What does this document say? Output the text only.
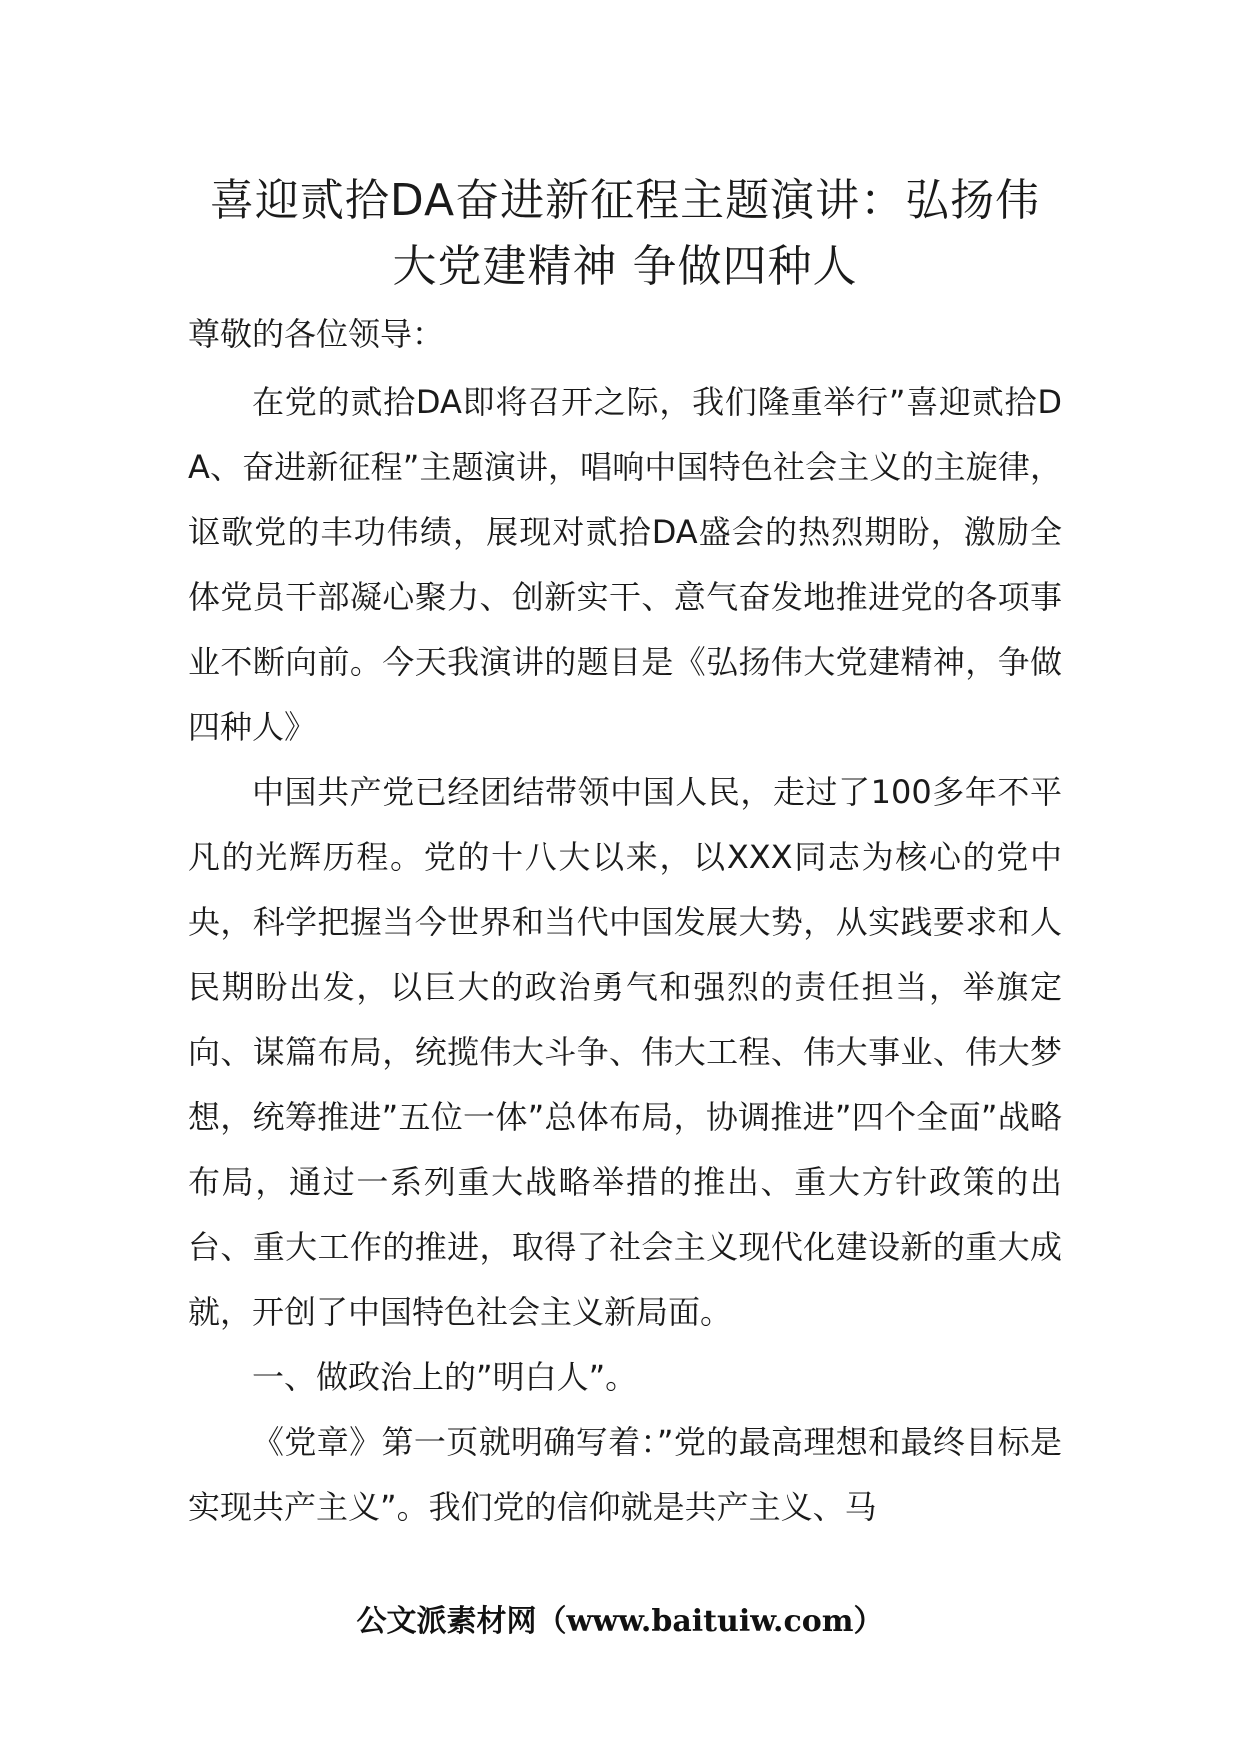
喜迎贰拾DA奋进新征程主题演讲：弘扬伟
大党建精神 争做四种人

尊敬的各位领导：

在党的贰拾DA即将召开之际，我们隆重举行”喜迎贰拾DA、奋进新征程”主题演讲，唱响中国特色社会主义的主旋律，讴歌党的丰功伟绩，展现对贰拾DA盛会的热烈期盼，激励全体党员干部凝心聚力、创新实干、意气奋发地推进党的各项事业不断向前。今天我演讲的题目是《弘扬伟大党建精神，争做四种人》

中国共产党已经团结带领中国人民，走过了100多年不平凡的光辉历程。党的十八大以来，以XXX同志为核心的党中央，科学把握当今世界和当代中国发展大势，从实践要求和人民期盼出发，以巨大的政治勇气和强烈的责任担当，举旗定向、谋篇布局，统揽伟大斗争、伟大工程、伟大事业、伟大梦想，统筹推进”五位一体”总体布局，协调推进”四个全面”战略布局，通过一系列重大战略举措的推出、重大方针政策的出台、重大工作的推进，取得了社会主义现代化建设新的重大成就，开创了中国特色社会主义新局面。

一、做政治上的”明白人”。

《党章》第一页就明确写着：”党的最高理想和最终目标是实现共产主义”。我们党的信仰就是共产主义、马

公文派素材网（www.baituiw.com）
